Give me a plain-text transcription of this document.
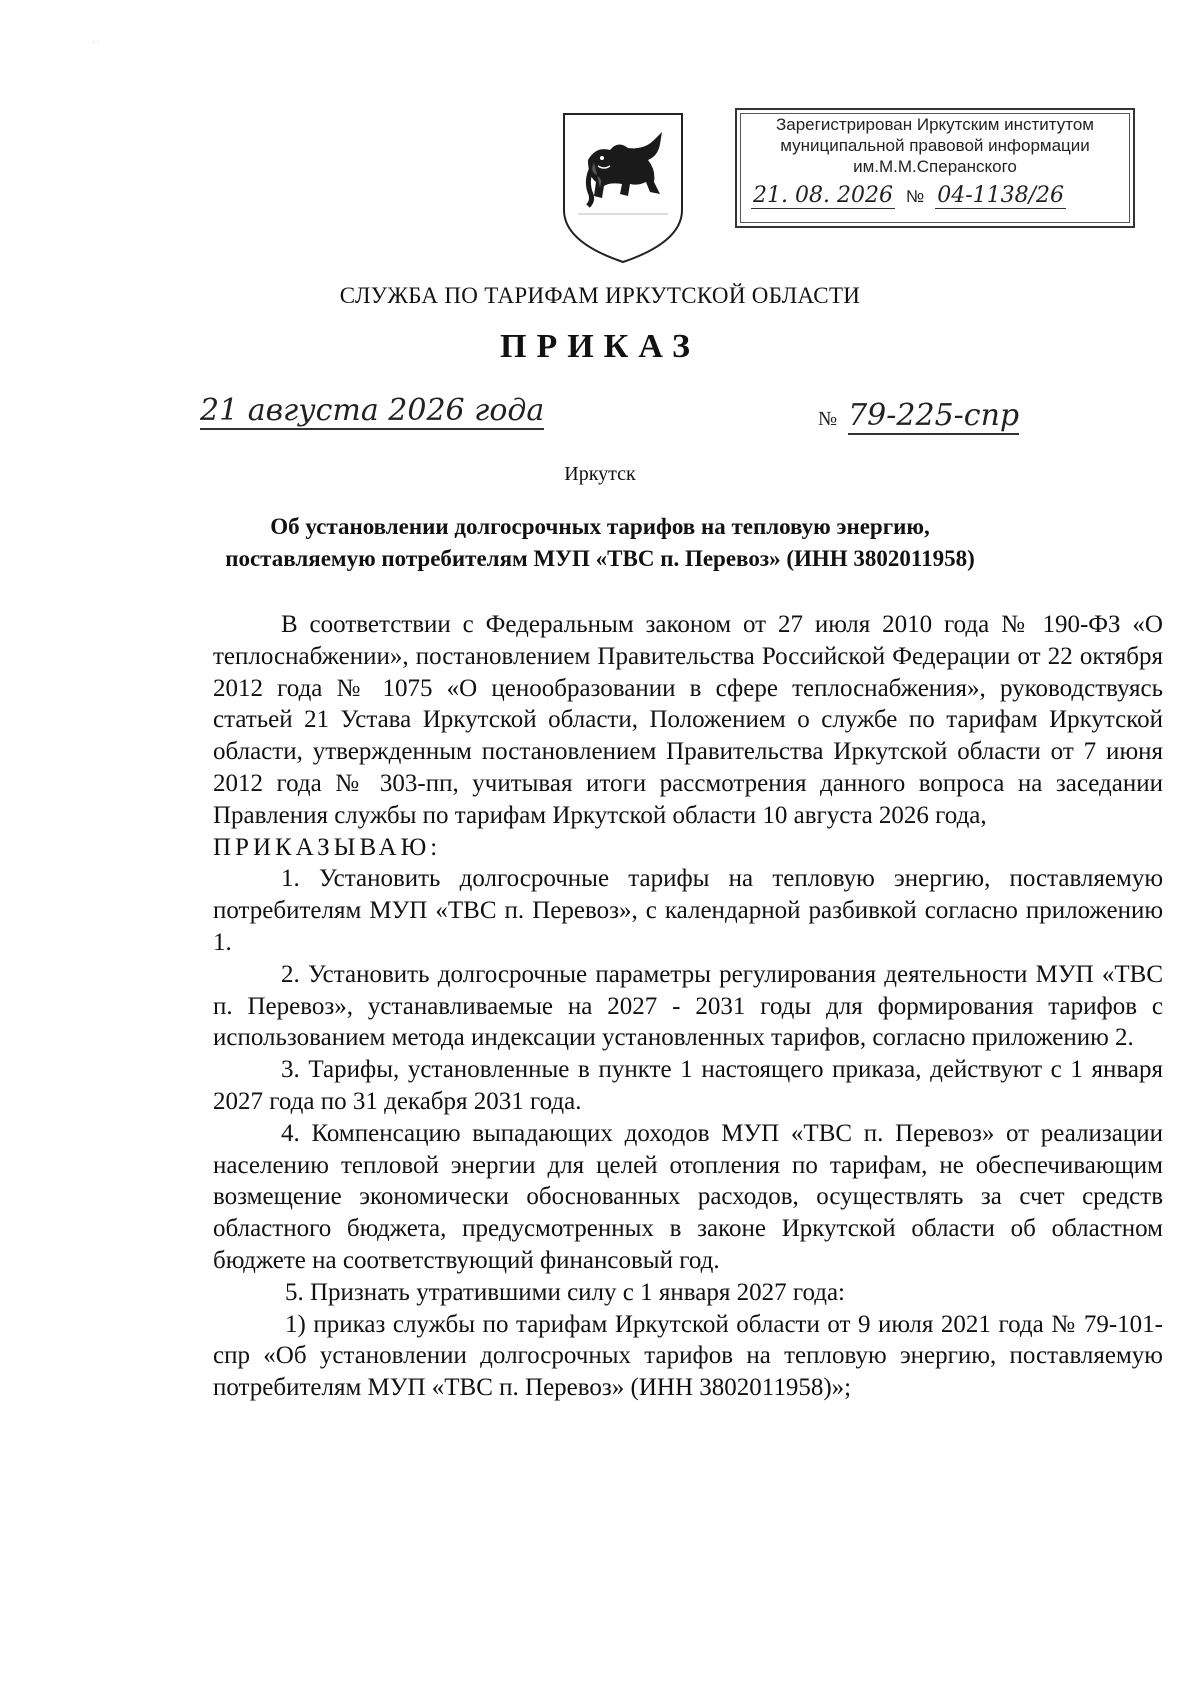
· ·
Зарегистрирован Иркутским институтом
муниципальной правовой информации
им.М.М.Сперанского
21. 08. 2026 № 04-1138/26
СЛУЖБА ПО ТАРИФАМ ИРКУТСКОЙ ОБЛАСТИ
ПРИКАЗ
21 августа 2026 года	№ 79-225-спр
Иркутск
Об установлении долгосрочных тарифов на тепловую энергию,
поставляемую потребителям МУП «ТВС п. Перевоз» (ИНН 3802011958)

В соответствии с Федеральным законом от 27 июля 2010 года № 190-ФЗ «О теплоснабжении», постановлением Правительства Российской Федерации от 22 октября 2012 года № 1075 «О ценообразовании в сфере теплоснабжения», руководствуясь статьей 21 Устава Иркутской области, Положением о службе по тарифам Иркутской области, утвержденным постановлением Правительства Иркутской области от 7 июня 2012 года № 303-пп, учитывая итоги рассмотрения данного вопроса на заседании Правления службы по тарифам Иркутской области 10 августа 2026 года,

ПРИКАЗЫВАЮ:

1. Установить долгосрочные тарифы на тепловую энергию, поставляемую потребителям МУП «ТВС п. Перевоз», с календарной разбивкой согласно приложению 1.

2. Установить долгосрочные параметры регулирования деятельности МУП «ТВС п. Перевоз», устанавливаемые на 2027 - 2031 годы для формирования тарифов с использованием метода индексации установленных тарифов, согласно приложению 2.

3. Тарифы, установленные в пункте 1 настоящего приказа, действуют с 1 января 2027 года по 31 декабря 2031 года.

4. Компенсацию выпадающих доходов МУП «ТВС п. Перевоз» от реализации населению тепловой энергии для целей отопления по тарифам, не обеспечивающим возмещение экономически обоснованных расходов, осуществлять за счет средств областного бюджета, предусмотренных в законе Иркутской области об областном бюджете на соответствующий финансовый год.

5. Признать утратившими силу с 1 января 2027 года:

1) приказ службы по тарифам Иркутской области от 9 июля 2021 года № 79-101-спр «Об установлении долгосрочных тарифов на тепловую энергию, поставляемую потребителям МУП «ТВС п. Перевоз» (ИНН 3802011958)»;
